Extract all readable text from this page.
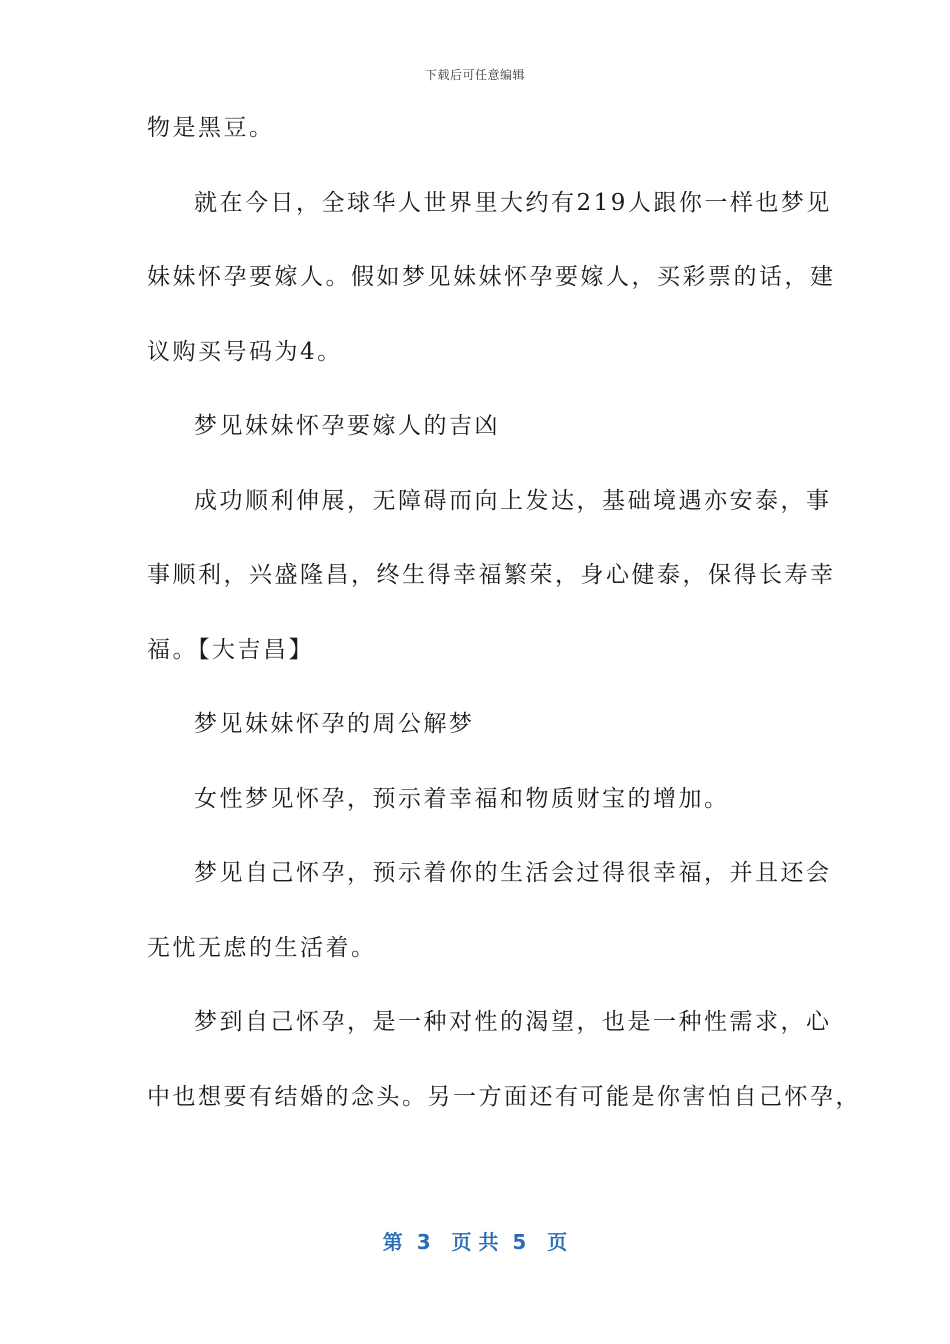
下载后可任意编辑
物是黑豆。
就在今日，全球华人世界里大约有219人跟你一样也梦见
妹妹怀孕要嫁人。假如梦见妹妹怀孕要嫁人，买彩票的话，建
议购买号码为4。
梦见妹妹怀孕要嫁人的吉凶
成功顺利伸展，无障碍而向上发达，基础境遇亦安泰，事
事顺利，兴盛隆昌，终生得幸福繁荣，身心健泰，保得长寿幸
福。【大吉昌】
梦见妹妹怀孕的周公解梦
女性梦见怀孕，预示着幸福和物质财宝的增加。
梦见自己怀孕，预示着你的生活会过得很幸福，并且还会
无忧无虑的生活着。
梦到自己怀孕，是一种对性的渴望，也是一种性需求，心
中也想要有结婚的念头。另一方面还有可能是你害怕自己怀孕，
第  3   页 共  5   页
